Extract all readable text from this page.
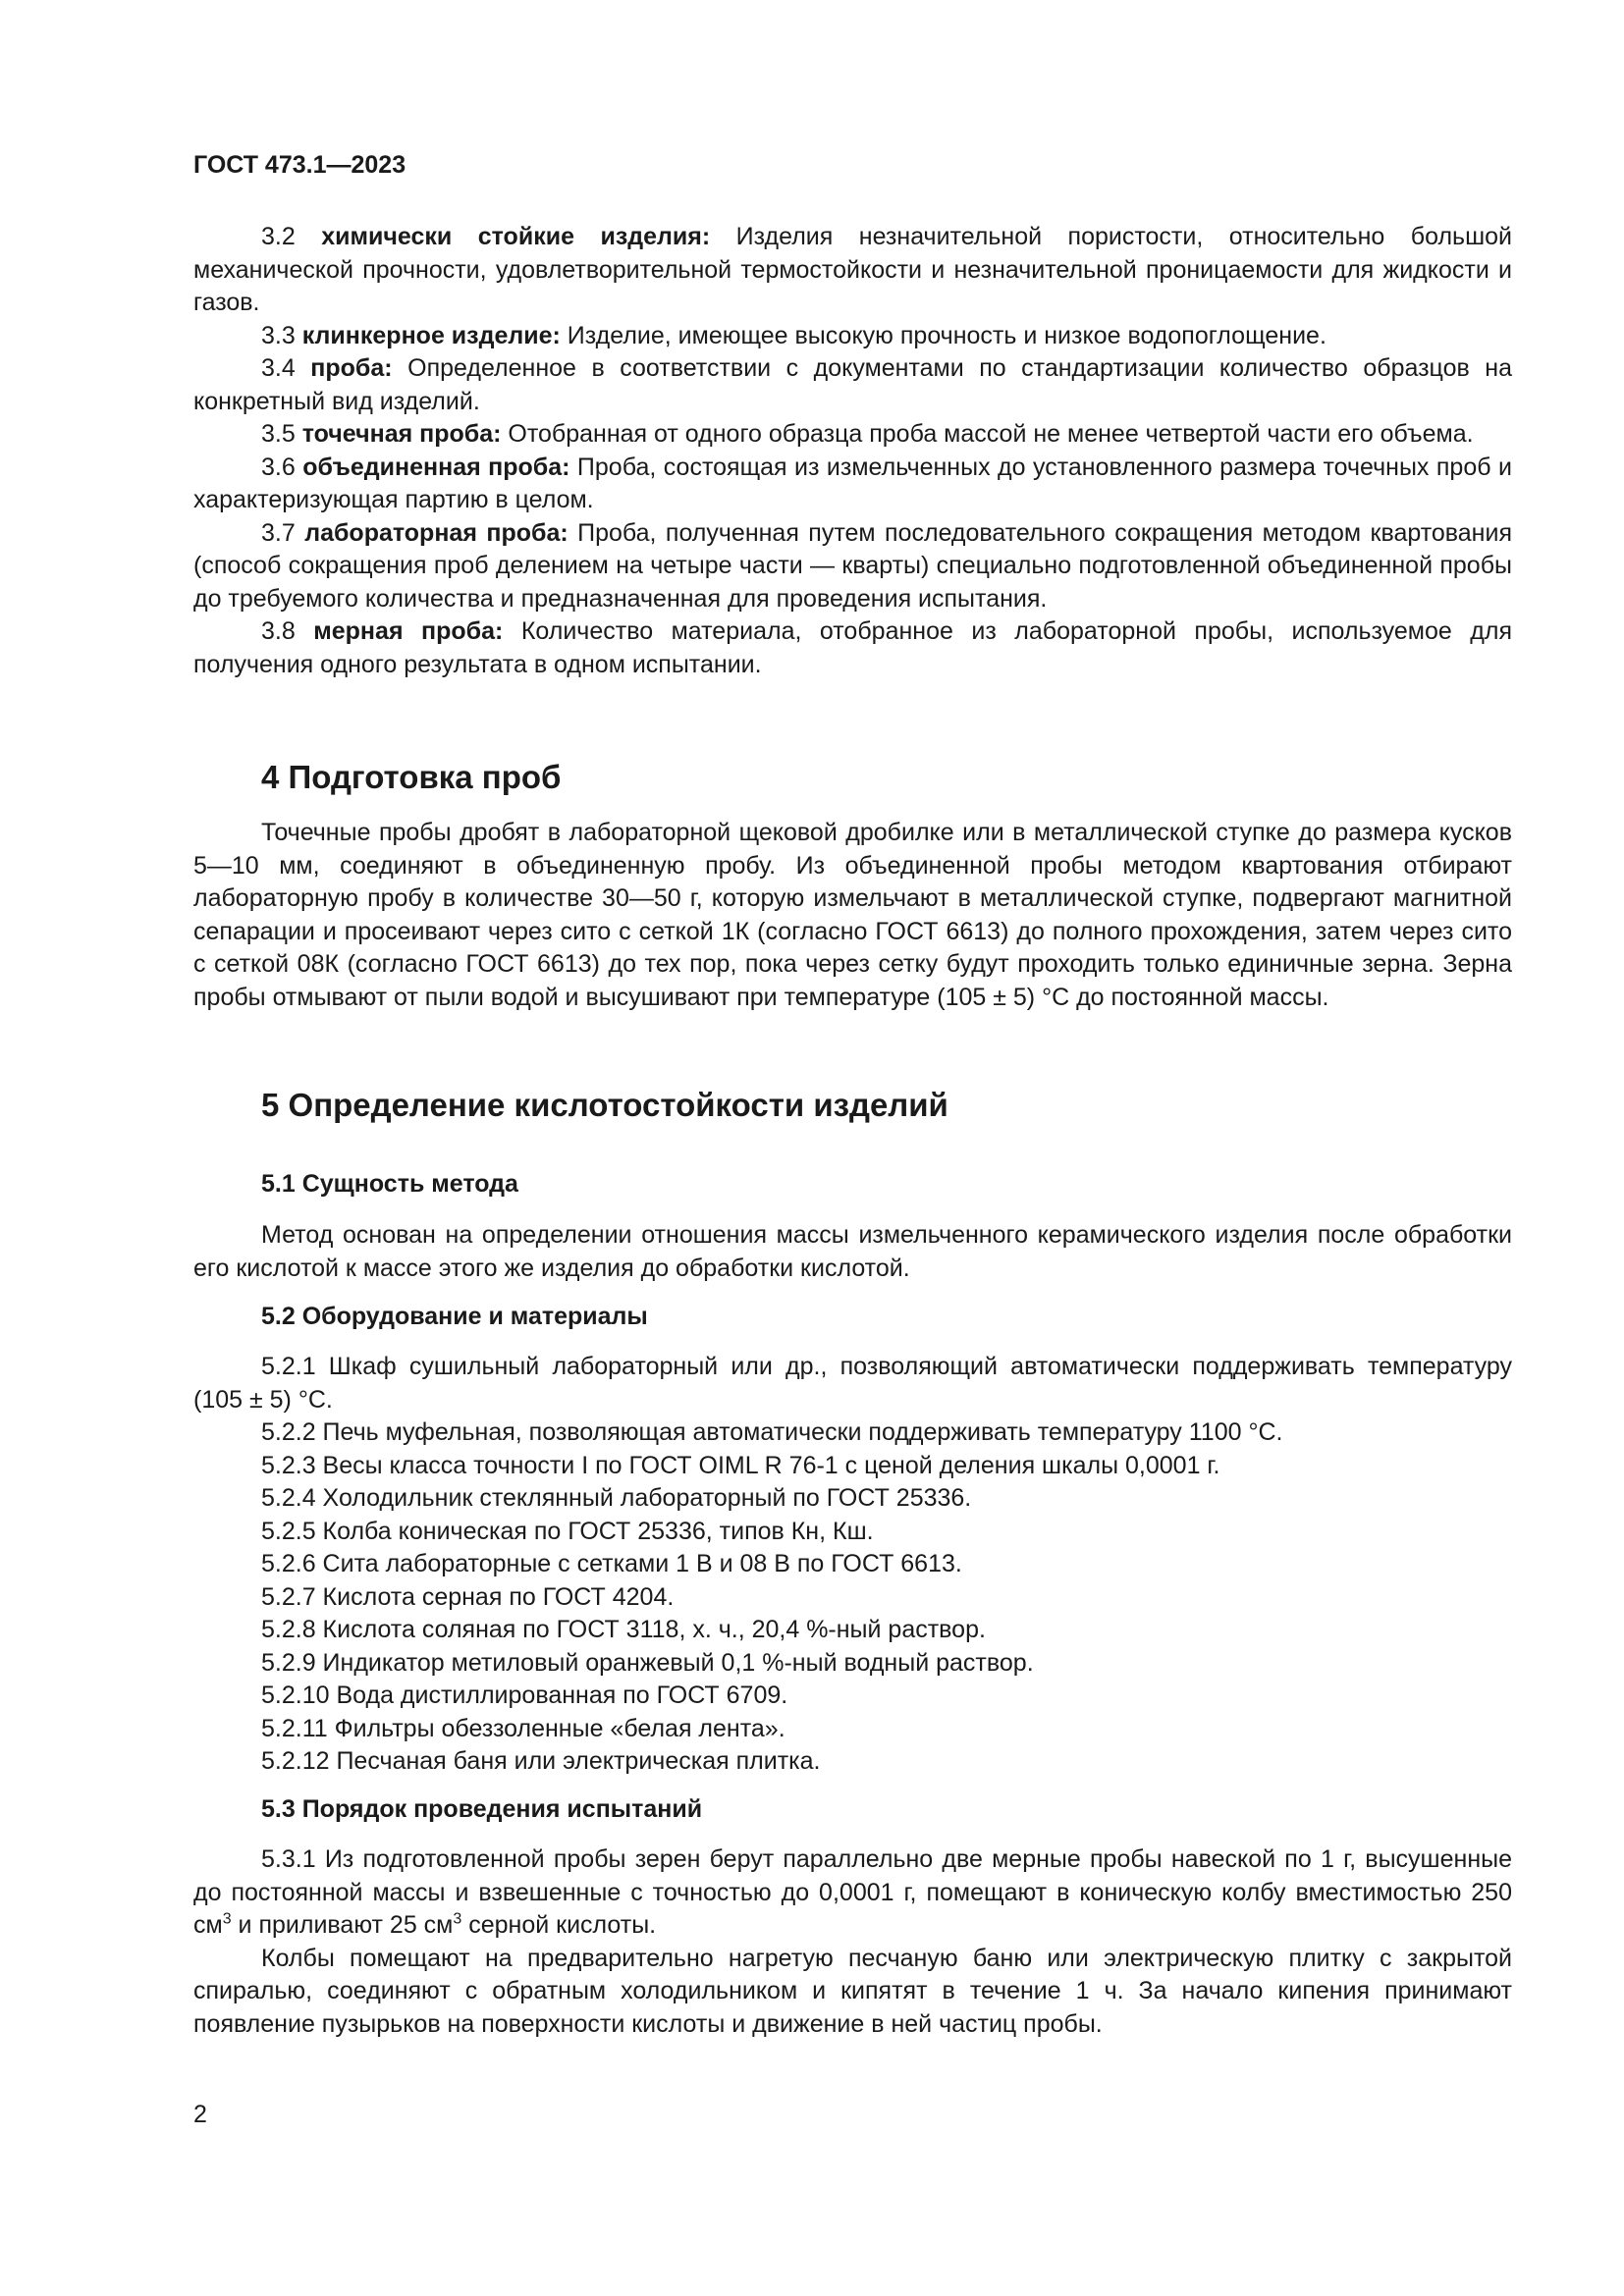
ГОСТ 473.1—2023

3.2 химически стойкие изделия: Изделия незначительной пористости, относительно большой механической прочности, удовлетворительной термостойкости и незначительной проницаемости для жидкости и газов.

3.3 клинкерное изделие: Изделие, имеющее высокую прочность и низкое водопоглощение.

3.4 проба: Определенное в соответствии с документами по стандартизации количество образцов на конкретный вид изделий.

3.5 точечная проба: Отобранная от одного образца проба массой не менее четвертой части его объема.

3.6 объединенная проба: Проба, состоящая из измельченных до установленного размера точечных проб и характеризующая партию в целом.

3.7 лабораторная проба: Проба, полученная путем последовательного сокращения методом квартования (способ сокращения проб делением на четыре части — кварты) специально подготовленной объединенной пробы до требуемого количества и предназначенная для проведения испытания.

3.8 мерная проба: Количество материала, отобранное из лабораторной пробы, используемое для получения одного результата в одном испытании.

4 Подготовка проб

Точечные пробы дробят в лабораторной щековой дробилке или в металлической ступке до размера кусков 5—10 мм, соединяют в объединенную пробу. Из объединенной пробы методом квартования отбирают лабораторную пробу в количестве 30—50 г, которую измельчают в металлической ступке, подвергают магнитной сепарации и просеивают через сито с сеткой 1К (согласно ГОСТ 6613) до полного прохождения, затем через сито с сеткой 08К (согласно ГОСТ 6613) до тех пор, пока через сетку будут проходить только единичные зерна. Зерна пробы отмывают от пыли водой и высушивают при температуре (105 ± 5) °С до постоянной массы.

5 Определение кислотостойкости изделий
5.1 Сущность метода

Метод основан на определении отношения массы измельченного керамического изделия после обработки его кислотой к массе этого же изделия до обработки кислотой.

5.2 Оборудование и материалы

5.2.1 Шкаф сушильный лабораторный или др., позволяющий автоматически поддерживать температуру (105 ± 5) °С.

5.2.2 Печь муфельная, позволяющая автоматически поддерживать температуру 1100 °С.

5.2.3 Весы класса точности I по ГОСТ OIML R 76-1 с ценой деления шкалы 0,0001 г.

5.2.4 Холодильник стеклянный лабораторный по ГОСТ 25336.

5.2.5 Колба коническая по ГОСТ 25336, типов Кн, Кш.

5.2.6 Сита лабораторные с сетками 1 В и 08 В по ГОСТ 6613.

5.2.7 Кислота серная по ГОСТ 4204.

5.2.8 Кислота соляная по ГОСТ 3118, х. ч., 20,4 %-ный раствор.

5.2.9 Индикатор метиловый оранжевый 0,1 %-ный водный раствор.

5.2.10 Вода дистиллированная по ГОСТ 6709.

5.2.11 Фильтры обеззоленные «белая лента».

5.2.12 Песчаная баня или электрическая плитка.

5.3 Порядок проведения испытаний

5.3.1 Из подготовленной пробы зерен берут параллельно две мерные пробы навеской по 1 г, высушенные до постоянной массы и взвешенные с точностью до 0,0001 г, помещают в коническую колбу вместимостью 250 $см^3$ и приливают 25 $см^3$ серной кислоты.

Колбы помещают на предварительно нагретую песчаную баню или электрическую плитку с закрытой спиралью, соединяют с обратным холодильником и кипятят в течение 1 ч. За начало кипения принимают появление пузырьков на поверхности кислоты и движение в ней частиц пробы.

2
